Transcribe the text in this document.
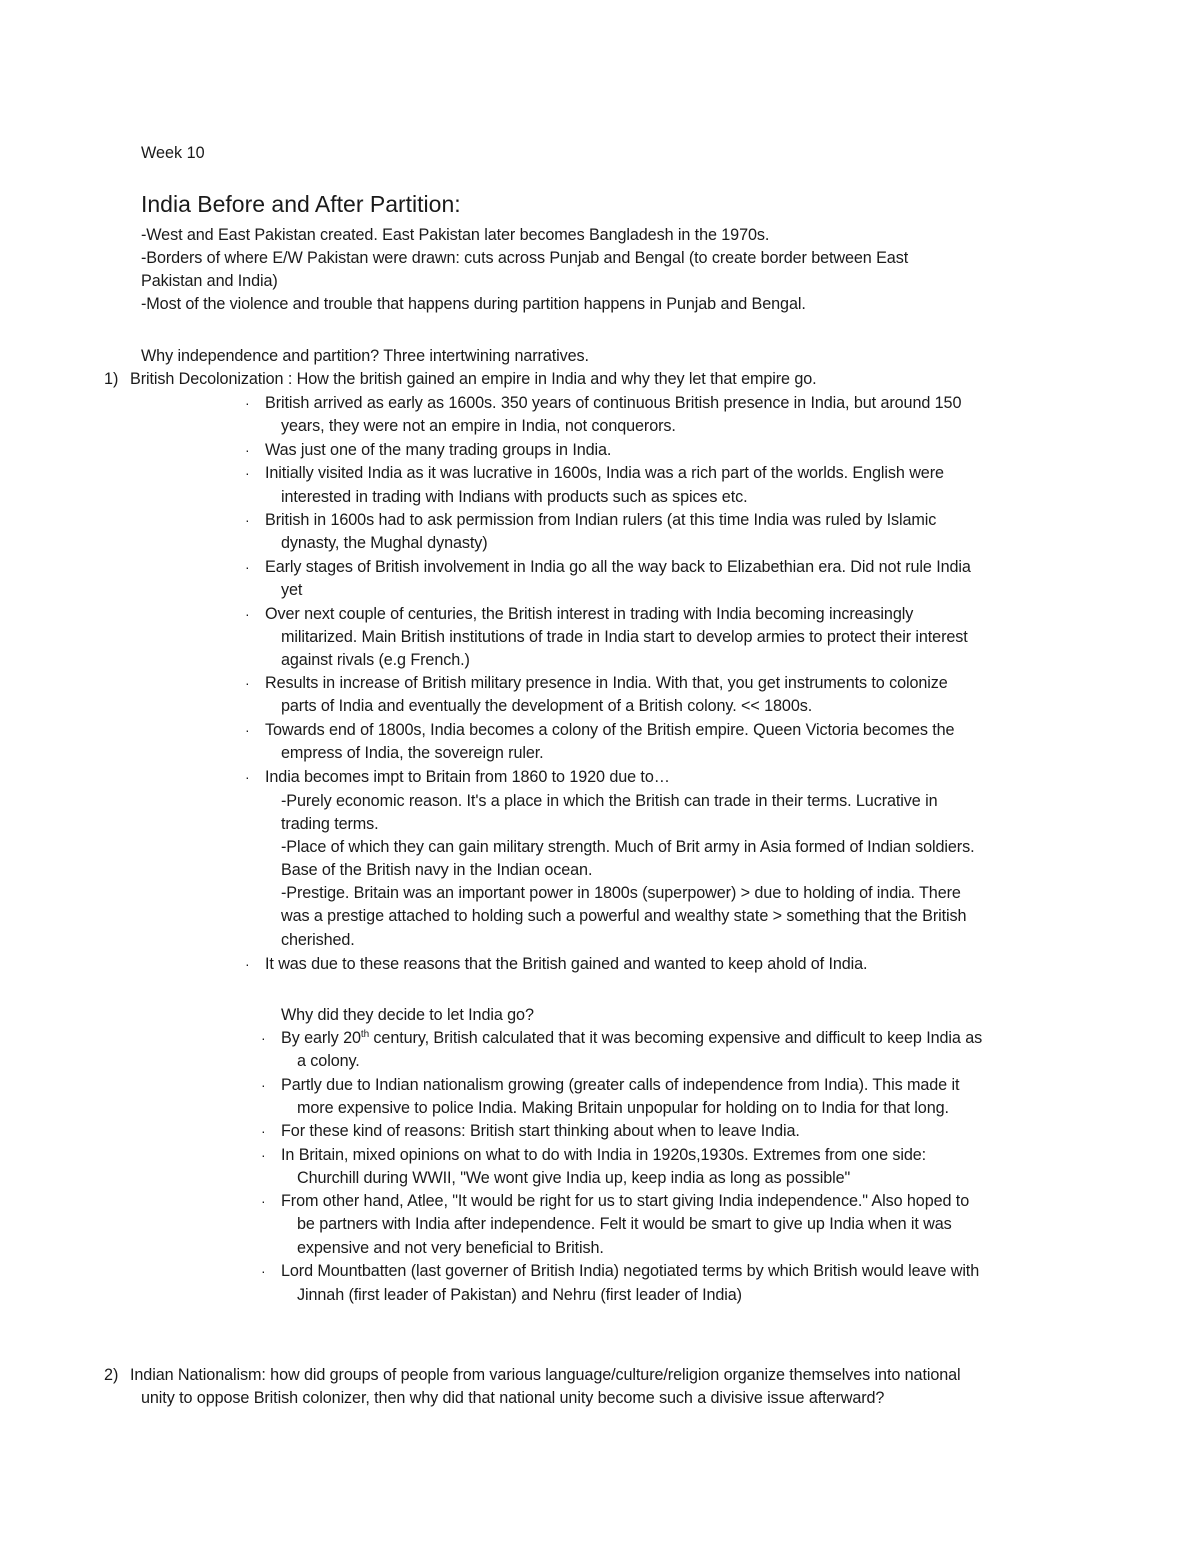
Week 10
India Before and After Partition:
-West and East Pakistan created. East Pakistan later becomes Bangladesh in the 1970s.
-Borders of where E/W Pakistan were drawn: cuts across Punjab and Bengal (to create border between East
Pakistan and India)
-Most of the violence and trouble that happens during partition happens in Punjab and Bengal.
Why independence and partition? Three intertwining narratives.
1) British Decolonization : How the british gained an empire in India and why they let that empire go.
· British arrived as early as 1600s. 350 years of continuous British presence in India, but around 150
years, they were not an empire in India, not conquerors.
· Was just one of the many trading groups in India.
· Initially visited India as it was lucrative in 1600s, India was a rich part of the worlds. English were
interested in trading with Indians with products such as spices etc.
· British in 1600s had to ask permission from Indian rulers (at this time India was ruled by Islamic
dynasty, the Mughal dynasty)
· Early stages of British involvement in India go all the way back to Elizabethian era. Did not rule India
yet
· Over next couple of centuries, the British interest in trading with India becoming increasingly
militarized. Main British institutions of trade in India start to develop armies to protect their interest
against rivals (e.g French.)
· Results in increase of British military presence in India. With that, you get instruments to colonize
parts of India and eventually the development of a British colony. << 1800s.
· Towards end of 1800s, India becomes a colony of the British empire. Queen Victoria becomes the
empress of India, the sovereign ruler.
· India becomes impt to Britain from 1860 to 1920 due to…
-Purely economic reason. It's a place in which the British can trade in their terms. Lucrative in
trading terms.
-Place of which they can gain military strength. Much of Brit army in Asia formed of Indian soldiers.
Base of the British navy in the Indian ocean.
-Prestige. Britain was an important power in 1800s (superpower) > due to holding of india. There
was a prestige attached to holding such a powerful and wealthy state > something that the British
cherished.
· It was due to these reasons that the British gained and wanted to keep ahold of India.
Why did they decide to let India go?
· By early 20th century, British calculated that it was becoming expensive and difficult to keep India as
a colony.
· Partly due to Indian nationalism growing (greater calls of independence from India). This made it
more expensive to police India. Making Britain unpopular for holding on to India for that long.
· For these kind of reasons: British start thinking about when to leave India.
· In Britain, mixed opinions on what to do with India in 1920s,1930s. Extremes from one side:
Churchill during WWII, "We wont give India up, keep india as long as possible"
· From other hand, Atlee, "It would be right for us to start giving India independence." Also hoped to
be partners with India after independence. Felt it would be smart to give up India when it was
expensive and not very beneficial to British.
· Lord Mountbatten (last governer of British India) negotiated terms by which British would leave with
Jinnah (first leader of Pakistan) and Nehru (first leader of India)
2) Indian Nationalism: how did groups of people from various language/culture/religion organize themselves into national
unity to oppose British colonizer, then why did that national unity become such a divisive issue afterward?
